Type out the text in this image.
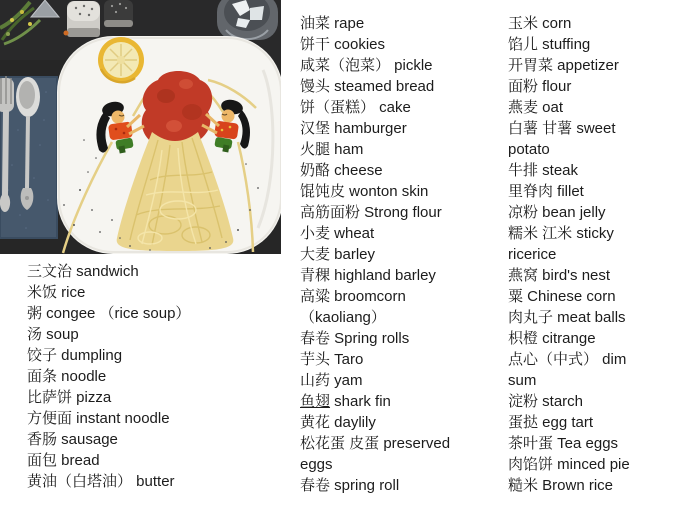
三文治 sandwich
米饭 rice
粥 congee （rice soup）
汤 soup
饺子 dumpling
面条 noodle
比萨饼 pizza
方便面 instant noodle
香肠 sausage
面包 bread
黄油（白塔油） butter
油菜 rape
饼干 cookies
咸菜（泡菜） pickle
馒头 steamed bread
饼（蛋糕） cake
汉堡 hamburger
火腿 ham
奶酪 cheese
馄饨皮 wonton skin
高筋面粉 Strong flour
小麦 wheat
大麦 barley
青稞 highland barley
高粱 broomcorn
（kaoliang）
春卷 Spring rolls
芋头 Taro
山药 yam
鱼翅 shark fin
黄花 daylily
松花蛋 皮蛋 preserved
eggs
春卷 spring roll
玉米 corn
馅儿 stuffing
开胃菜 appetizer
面粉 flour
燕麦 oat
白薯 甘薯 sweet
potato
牛排 steak
里脊肉 fillet
凉粉 bean jelly
糯米 江米 sticky
ricerice
燕窝 bird's nest
粟 Chinese corn
肉丸子 meat balls
枳橙 citrange
点心（中式） dim
sum
淀粉 starch
蛋挞 egg tart
茶叶蛋 Tea eggs
肉馅饼 minced pie
糙米 Brown rice
